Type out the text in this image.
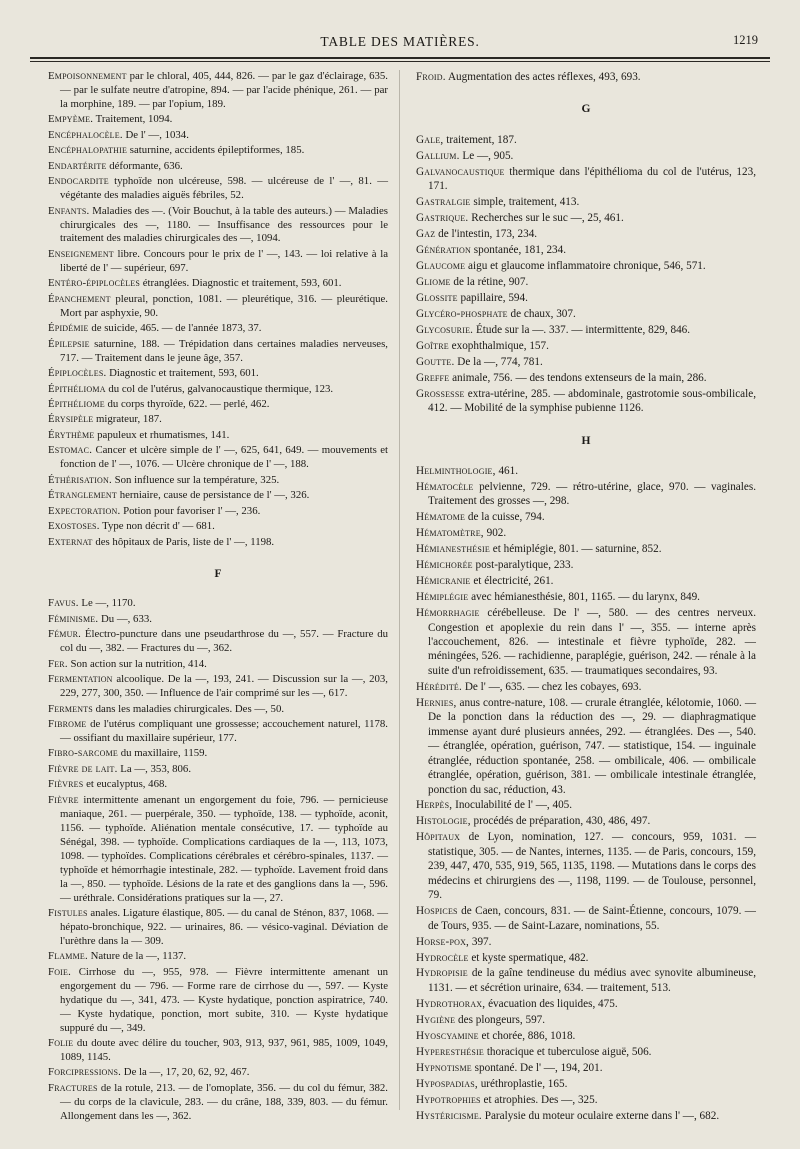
TABLE DES MATIÈRES.	1219
Empoisonnement par le chloral, 405, 444, 826. — par le gaz d'éclairage, 635. — par le sulfate neutre d'atropine, 894. — par l'acide phénique, 261. — par la morphine, 189. — par l'opium, 189.
Empyème. Traitement, 1094.
Encéphalocèle. De l' —, 1034.
Encéphalopathie saturnine, accidents épileptiformes, 185.
Endartérite déformante, 636.
Endocardite typhoïde non ulcéreuse, 598. — ulcéreuse de l' —, 81. — végétante des maladies aiguës fébriles, 52.
Enfants. Maladies des —. (Voir Bouchut, à la table des auteurs.) — Maladies chirurgicales des —, 1180. — Insuffisance des ressources pour le traitement des maladies chirurgicales des —, 1094.
Enseignement libre. Concours pour le prix de l' —, 143. — loi relative à la liberté de l' — supérieur, 697.
Entéro-épiplocèles étranglées. Diagnostic et traitement, 593, 601.
Épanchement pleural, ponction, 1081. — pleurétique, 316. — pleurétique. Mort par asphyxie, 90.
Épidémie de suicide, 465. — de l'année 1873, 37.
Épilepsie saturnine, 188. — Trépidation dans certaines maladies nerveuses, 717. — Traitement dans le jeune âge, 357.
Épiplocèles. Diagnostic et traitement, 593, 601.
Épithélioma du col de l'utérus, galvanocaustique thermique, 123.
Épithéliome du corps thyroïde, 622. — perlé, 462.
Érysipèle migrateur, 187.
Érythème papuleux et rhumatismes, 141.
Estomac. Cancer et ulcère simple de l' —, 625, 641, 649. — mouvements et fonction de l' —, 1076. — Ulcère chronique de l' —, 188.
Éthérisation. Son influence sur la température, 325.
Étranglement herniaire, cause de persistance de l' —, 326.
Expectoration. Potion pour favoriser l' —, 236.
Exostoses. Type non décrit d' — 681.
Externat des hôpitaux de Paris, liste de l' —, 1198.
F
Favus. Le —, 1170.
Féminisme. Du —, 633.
Fémur. Électro-puncture dans une pseudarthrose du —, 557. — Fracture du col du —, 382. — Fractures du —, 362.
Fer. Son action sur la nutrition, 414.
Fermentation alcoolique. De la —, 193, 241. — Discussion sur la —, 203, 229, 277, 300, 350. — Influence de l'air comprimé sur les —, 617.
Ferments dans les maladies chirurgicales. Des —, 50.
Fibrome de l'utérus compliquant une grossesse; accouchement naturel, 1178. — ossifiant du maxillaire supérieur, 177.
Fibro-sarcome du maxillaire, 1159.
Fièvre de lait. La —, 353, 806.
Fièvres et eucalyptus, 468.
Fièvre intermittente amenant un engorgement du foie, 796. — pernicieuse maniaque, 261. — puerpérale, 350. — typhoïde, 138. — typhoïde, aconit, 1156. — typhoïde. Aliénation mentale consécutive, 17. — typhoïde au Sénégal, 398. — typhoïde. Complications cardiaques de la —, 113, 1073, 1098. — typhoïdes. Complications cérébrales et cérébro-spinales, 1137. — typhoïde et hémorrhagie intestinale, 282. — typhoïde. Lavement froid dans la —, 850. — typhoïde. Lésions de la rate et des ganglions dans la —, 596. — uréthrale. Considérations pratiques sur la —, 27.
Fistules anales. Ligature élastique, 805. — du canal de Sténon, 837, 1068. — hépato-bronchique, 922. — urinaires, 86. — vésico-vaginal. Déviation de l'urèthre dans la — 309.
Flamme. Nature de la —, 1137.
Foie. Cirrhose du —, 955, 978. — Fièvre intermittente amenant un engorgement du — 796. — Forme rare de cirrhose du —, 597. — Kyste hydatique du —, 341, 473. — Kyste hydatique, ponction aspiratrice, 740. — Kyste hydatique, ponction, mort subite, 310. — Kyste hydatique suppuré du —, 349.
Folie du doute avec délire du toucher, 903, 913, 937, 961, 985, 1009, 1049, 1089, 1145.
Forcipressions. De la —, 17, 20, 62, 92, 467.
Fractures de la rotule, 213. — de l'omoplate, 356. — du col du fémur, 382. — du corps de la clavicule, 283. — du crâne, 188, 339, 803. — du fémur. Allongement dans les —, 362.
Froid. Augmentation des actes réflexes, 493, 693.
G
Gale, traitement, 187.
Gallium. Le —, 905.
Galvanocaustique thermique dans l'épithélioma du col de l'utérus, 123, 171.
Gastralgie simple, traitement, 413.
Gastrique. Recherches sur le suc —, 25, 461.
Gaz de l'intestin, 173, 234.
Génération spontanée, 181, 234.
Glaucome aigu et glaucome inflammatoire chronique, 546, 571.
Gliome de la rétine, 907.
Glossite papillaire, 594.
Glycéro-phosphate de chaux, 307.
Glycosurie. Étude sur la —. 337. — intermittente, 829, 846.
Goître exophthalmique, 157.
Goutte. De la —, 774, 781.
Greffe animale, 756. — des tendons extenseurs de la main, 286.
Grossesse extra-utérine, 285. — abdominale, gastrotomie sous-ombilicale, 412. — Mobilité de la symphise pubienne 1126.
H
Helminthologie, 461.
Hématocèle pelvienne, 729. — rétro-utérine, glace, 970. — vaginales. Traitement des grosses —, 298.
Hématome de la cuisse, 794.
Hématomètre, 902.
Hémianesthésie et hémiplégie, 801. — saturnine, 852.
Hémichorée post-paralytique, 233.
Hémicranie et électricité, 261.
Hémiplégie avec hémianesthésie, 801, 1165. — du larynx, 849.
Hémorrhagie cérébelleuse. De l' —, 580. — des centres nerveux. Congestion et apoplexie du rein dans l' —, 355. — interne après l'accouchement, 826. — intestinale et fièvre typhoïde, 282. — méningées, 526. — rachidienne, paraplégie, guérison, 242. — rénale à la suite d'un refroidissement, 635. — traumatiques secondaires, 93.
Hérédité. De l' —, 635. — chez les cobayes, 693.
Hernies, anus contre-nature, 108. — crurale étranglée, kélotomie, 1060. — De la ponction dans la réduction des —, 29. — diaphragmatique immense ayant duré plusieurs années, 292. — étranglées. Des —, 540. — étranglée, opération, guérison, 747. — statistique, 154. — inguinale étranglée, réduction spontanée, 258. — ombilicale, 406. — ombilicale étranglée, opération, guérison, 381. — ombilicale intestinale étranglée, ponction du sac, réduction, 43.
Herpès, Inoculabilité de l' —, 405.
Histologie, procédés de préparation, 430, 486, 497.
Hôpitaux de Lyon, nomination, 127. — concours, 959, 1031. — statistique, 305. — de Nantes, internes, 1135. — de Paris, concours, 159, 239, 447, 470, 535, 919, 565, 1135, 1198. — Mutations dans le corps des médecins et chirurgiens des —, 1198, 1199. — de Toulouse, personnel, 79.
Hospices de Caen, concours, 831. — de Saint-Étienne, concours, 1079. — de Tours, 935. — de Saint-Lazare, nominations, 55.
Horse-pox, 397.
Hydrocèle et kyste spermatique, 482.
Hydropisie de la gaîne tendineuse du médius avec synovite albumineuse, 1131. — et sécrétion urinaire, 634. — traitement, 513.
Hydrothorax, évacuation des liquides, 475.
Hygiène des plongeurs, 597.
Hyoscyamine et chorée, 886, 1018.
Hyperesthésie thoracique et tuberculose aiguë, 506.
Hypnotisme spontané. De l' —, 194, 201.
Hypospadias, uréthroplastie, 165.
Hypotrophies et atrophies. Des —, 325.
Hystéricisme. Paralysie du moteur oculaire externe dans l' —, 682.
